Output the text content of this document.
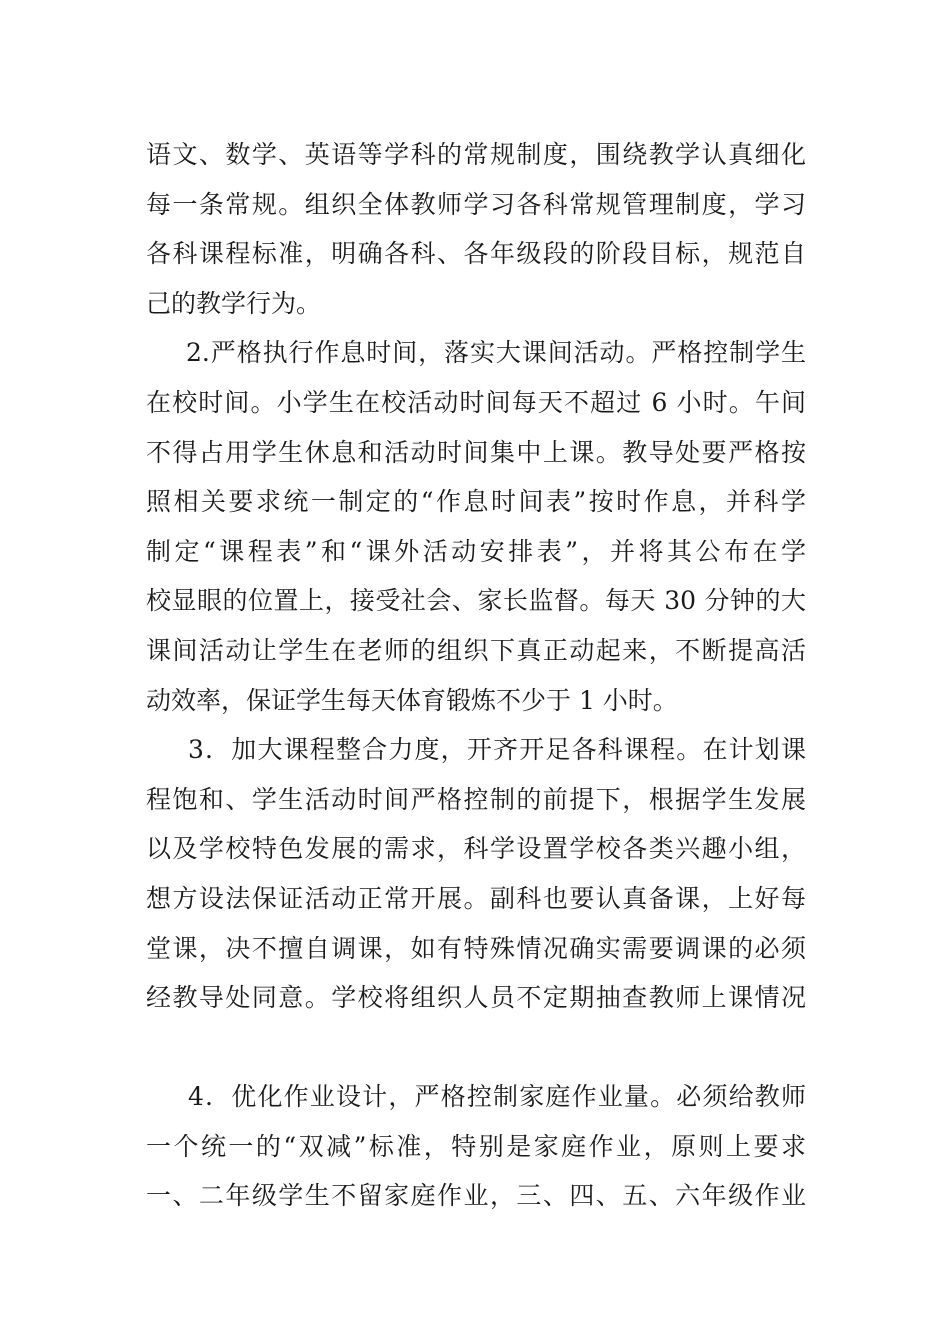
语文、数学、英语等学科的常规制度，围绕教学认真细化
每一条常规。组织全体教师学习各科常规管理制度，学习
各科课程标准，明确各科、各年级段的阶段目标，规范自
己的教学行为。
2.严格执行作息时间，落实大课间活动。严格控制学生
在校时间。小学生在校活动时间每天不超过 6 小时。午间
不得占用学生休息和活动时间集中上课。教导处要严格按
照相关要求统一制定的“作息时间表”按时作息，并科学
制定“课程表”和“课外活动安排表”，并将其公布在学
校显眼的位置上，接受社会、家长监督。每天 30 分钟的大
课间活动让学生在老师的组织下真正动起来，不断提高活
动效率，保证学生每天体育锻炼不少于 1 小时。
3．加大课程整合力度，开齐开足各科课程。在计划课
程饱和、学生活动时间严格控制的前提下，根据学生发展
以及学校特色发展的需求，科学设置学校各类兴趣小组，
想方设法保证活动正常开展。副科也要认真备课，上好每
堂课，决不擅自调课，如有特殊情况确实需要调课的必须
经教导处同意。学校将组织人员不定期抽查教师上课情况
4．优化作业设计，严格控制家庭作业量。必须给教师
一个统一的“双减”标准，特别是家庭作业，原则上要求
一、二年级学生不留家庭作业，三、四、五、六年级作业
